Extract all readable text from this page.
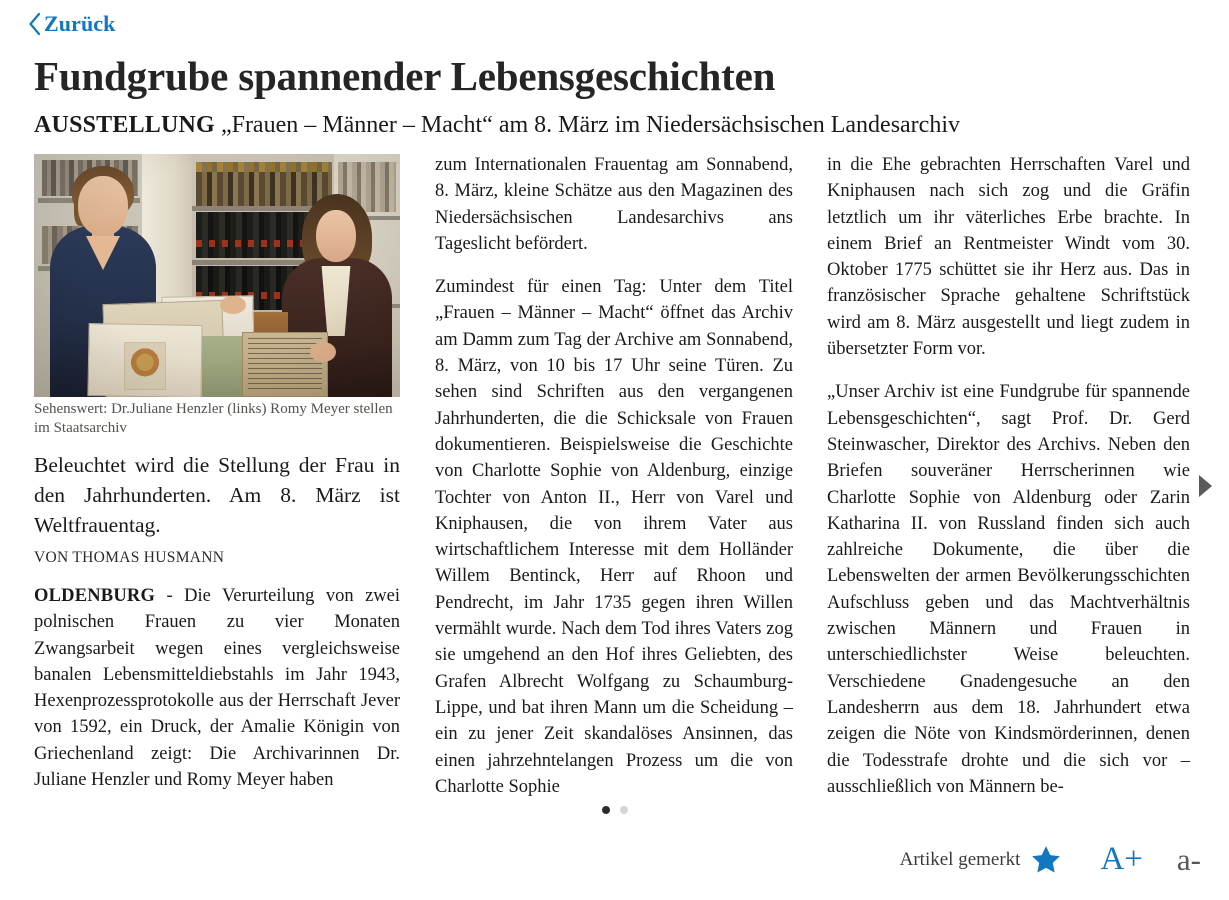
Zurück
Fundgrube spannender Lebensgeschichten
AUSSTELLUNG „Frauen – Männer – Macht“ am 8. März im Niedersächsischen Landesarchiv
Sehenswert: Dr.Juliane Henzler (links) Romy Meyer stellen im Staatsarchiv
Beleuchtet wird die Stellung der Frau in den Jahrhunderten. Am 8. März ist Weltfrauentag.
VON THOMAS HUSMANN

OLDENBURG - Die Verurteilung von zwei polnischen Frauen zu vier Monaten Zwangsarbeit wegen eines vergleichsweise banalen Lebensmitteldiebstahls im Jahr 1943, Hexenprozessprotokolle aus der Herrschaft Jever von 1592, ein Druck, der Amalie Königin von Griechenland zeigt: Die Archivarinnen Dr. Juliane Henzler und Romy Meyer haben

zum Internationalen Frauentag am Sonnabend, 8. März, kleine Schätze aus den Magazinen des Niedersächsischen Landesarchivs ans Tageslicht befördert.

Zumindest für einen Tag: Unter dem Titel „Frauen – Männer – Macht“ öffnet das Archiv am Damm zum Tag der Archive am Sonnabend, 8. März, von 10 bis 17 Uhr seine Türen. Zu sehen sind Schriften aus den vergangenen Jahrhunderten, die die Schicksale von Frauen dokumentieren. Beispielsweise die Geschichte von Charlotte Sophie von Aldenburg, einzige Tochter von Anton II., Herr von Varel und Kniphausen, die von ihrem Vater aus wirtschaftlichem Interesse mit dem Holländer Willem Bentinck, Herr auf Rhoon und Pendrecht, im Jahr 1735 gegen ihren Willen vermählt wurde. Nach dem Tod ihres Vaters zog sie umgehend an den Hof ihres Geliebten, des Grafen Albrecht Wolfgang zu Schaumburg-Lippe, und bat ihren Mann um die Scheidung – ein zu jener Zeit skandalöses Ansinnen, das einen jahrzehntelangen Prozess um die von Charlotte Sophie

in die Ehe gebrachten Herrschaften Varel und Kniphausen nach sich zog und die Gräfin letztlich um ihr väterliches Erbe brachte. In einem Brief an Rentmeister Windt vom 30. Oktober 1775 schüttet sie ihr Herz aus. Das in französischer Sprache gehaltene Schriftstück wird am 8. März ausgestellt und liegt zudem in übersetzter Form vor.

„Unser Archiv ist eine Fundgrube für spannende Lebensgeschichten“, sagt Prof. Dr. Gerd Steinwascher, Direktor des Archivs. Neben den Briefen souveräner Herrscherinnen wie Charlotte Sophie von Aldenburg oder Zarin Katharina II. von Russland finden sich auch zahlreiche Dokumente, die über die Lebenswelten der armen Bevölkerungsschichten Aufschluss geben und das Machtverhältnis zwischen Männern und Frauen in unterschiedlichster Weise beleuchten. Verschiedene Gnadengesuche an den Landesherrn aus dem 18. Jahrhundert etwa zeigen die Nöte von Kindsmörderinnen, denen die Todesstrafe drohte und die sich vor – ausschließlich von Männern be-

Artikel gemerkt A+ a-
